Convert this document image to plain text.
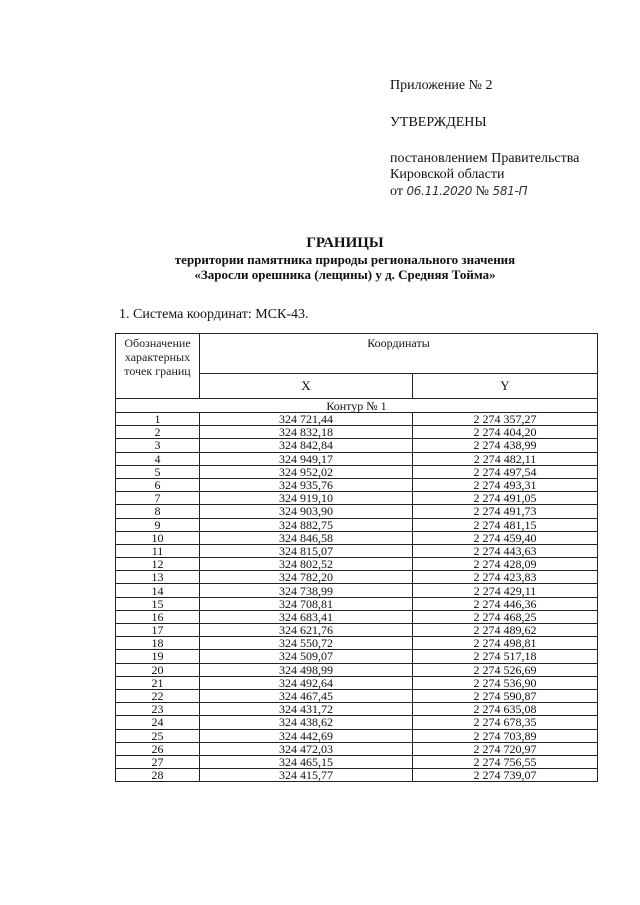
Приложение № 2
УТВЕРЖДЕНЫ
постановлением Правительства
Кировской области
от 06.11.2020 № 581-П
ГРАНИЦЫ
территории памятника природы регионального значения
«Заросли орешника (лещины) у д. Средняя Тойма»
1. Система координат: МСК-43.
Обозначение характерных точек границ	Координаты	
	X	Y
Контур № 1		
1	324 721,44	2 274 357,27
2	324 832,18	2 274 404,20
3	324 842,84	2 274 438,99
4	324 949,17	2 274 482,11
5	324 952,02	2 274 497,54
6	324 935,76	2 274 493,31
7	324 919,10	2 274 491,05
8	324 903,90	2 274 491,73
9	324 882,75	2 274 481,15
10	324 846,58	2 274 459,40
11	324 815,07	2 274 443,63
12	324 802,52	2 274 428,09
13	324 782,20	2 274 423,83
14	324 738,99	2 274 429,11
15	324 708,81	2 274 446,36
16	324 683,41	2 274 468,25
17	324 621,76	2 274 489,62
18	324 550,72	2 274 498,81
19	324 509,07	2 274 517,18
20	324 498,99	2 274 526,69
21	324 492,64	2 274 536,90
22	324 467,45	2 274 590,87
23	324 431,72	2 274 635,08
24	324 438,62	2 274 678,35
25	324 442,69	2 274 703,89
26	324 472,03	2 274 720,97
27	324 465,15	2 274 756,55
28	324 415,77	2 274 739,07
